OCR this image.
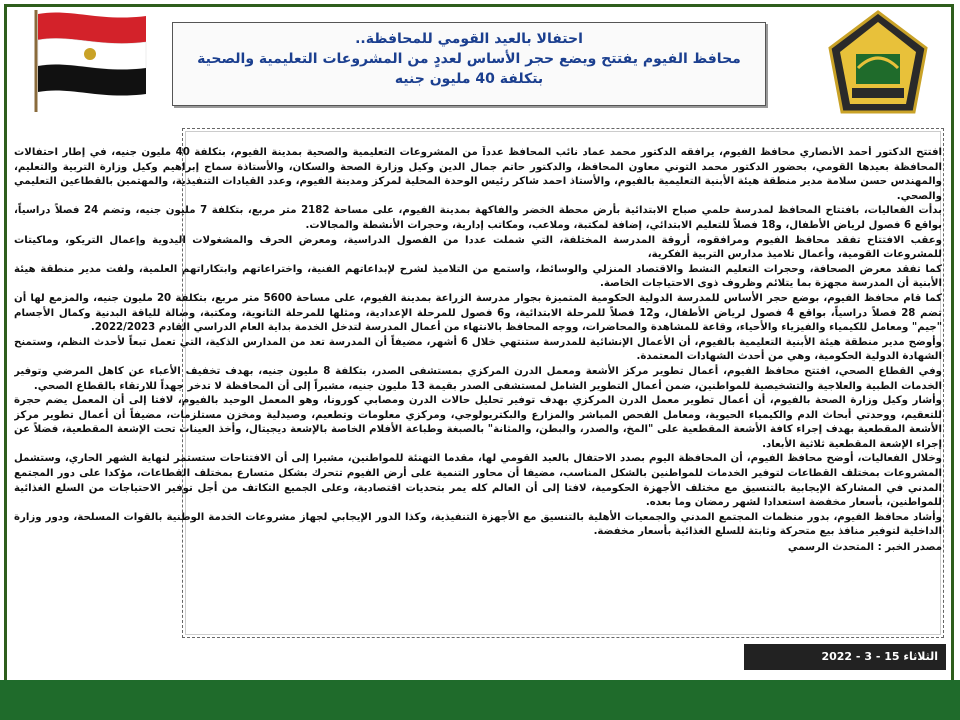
احتفالا بالعيد القومي للمحافظة..
محافظ الفيوم يفتتح ويضع حجر الأساس لعددٍ من المشروعات التعليمية والصحية بتكلفة 40 مليون جنيه

افتتح الدكتور أحمد الأنصاري محافظ الفيوم، يرافقه الدكتور محمد عماد نائب المحافظ عدداً من المشروعات التعليمية والصحية بمدينة الفيوم، بتكلفة 40 مليون جنيه، في إطار احتفالات المحافظة بعيدها القومي، بحضور الدكتور محمد التوني معاون المحافظ، والدكتور حاتم جمال الدين وكيل وزارة الصحة والسكان، والأستاذة سماح إبراهيم وكيل وزارة التربية والتعليم، والمهندس حسن سلامة مدير منطقة هيئة الأبنية التعليمية بالفيوم، والأستاذ احمد شاكر رئيس الوحدة المحلية لمركز ومدينة الفيوم، وعدد القيادات التنفيذية، والمهتمين بالقطاعين التعليمي والصحي.

بدأت الفعاليات، بافتتاح المحافظ لمدرسة حلمي صباح الابتدائية بأرض محطة الخضر والفاكهة بمدينة الفيوم، على مساحة 2182 متر مربع، بتكلفة 7 مليون جنيه، وتضم 24 فصلاً دراسياً، بواقع 6 فصول لرياض الأطفال، و18 فصلاً للتعليم الابتدائي، إضافة لمكتبة، وملاعب، ومكاتب إدارية، وحجرات الأنشطة والمجالات.

وعقب الافتتاح تفقد محافظ الفيوم ومرافقوه، أروقة المدرسة المختلفة، التي شملت عددا من الفصول الدراسية، ومعرض الحرف والمشغولات اليدوية وإعمال التريكو، وماكيتات للمشروعات القومية، وأعمال تلاميذ مدارس التربية الفكرية،

كما تفقد معرض الصحافة، وحجرات التعليم النشط والاقتصاد المنزلي والوسائط، واستمع من التلاميذ لشرح لإبداعاتهم الفنية، واختراعاتهم وابتكاراتهم العلمية، ولفت مدير منطقة هيئة الأبنية أن المدرسة مجهزة بما يتلائم وظروف ذوى الاحتياجات الخاصة.

كما قام محافظ الفيوم، بوضع حجر الأساس للمدرسة الدولية الحكومية المتميزة بجوار مدرسة الزراعة بمدينة الفيوم، على مساحة 5600 متر مربع، بتكلفة 20 مليون جنيه، والمزمع لها أن تضم 28 فصلاً دراسياً، بواقع 4 فصول لرياض الأطفال، و12 فصلاً للمرحلة الابتدائية، و6 فصول للمرحلة الإعدادية، ومثلها للمرحلة الثانوية، ومكتبة، وصالة للياقة البدنية وكمال الأجسام "جيم" ومعامل للكيمياء والفيزياء والأحياء، وقاعة للمشاهدة والمحاضرات، ووجه المحافظ بالانتهاء من أعمال المدرسة لتدخل الخدمة بداية العام الدراسي القادم 2022/2023.

وأوضح مدير منطقة هيئة الأبنية التعليمية بالفيوم، أن الأعمال الإنشائية للمدرسة ستنتهي خلال 6 أشهر، مضيفاً أن المدرسة تعد من المدارس الذكية، التي تعمل تبعاً لأحدث النظم، وستمنح الشهادة الدولية الحكومية، وهي من أحدث الشهادات المعتمدة.

وفي القطاع الصحي، افتتح محافظ الفيوم، أعمال تطوير مركز الأشعة ومعمل الدرن المركزي بمستشفى الصدر، بتكلفة 8 مليون جنيه، بهدف تخفيف الأعباء عن كاهل المرضي وتوفير الخدمات الطبية والعلاجية والتشخيصية للمواطنين، ضمن أعمال التطوير الشامل لمستشفى الصدر بقيمة 13 مليون جنيه، مشيراً إلى أن المحافظة لا تدخر جهداً للارتقاء بالقطاع الصحي.

وأشار وكيل وزارة الصحة بالفيوم، أن أعمال تطوير معمل الدرن المركزي بهدف توفير تحليل حالات الدرن ومصابي كورونا، وهو المعمل الوحيد بالفيوم، لافتا إلى أن المعمل يضم حجرة للتعقيم، ووحدتي أبحاث الدم والكيمياء الحيوية، ومعامل الفحص المباشر والمزارع والبكتريولوجي، ومركزي معلومات وتطعيم، وصيدلية ومخزن مستلزمات، مضيفاً أن أعمال تطوير مركز الأشعة المقطعية بهدف إجراء كافة الأشعة المقطعية على "المخ، والصدر، والبطن، والمثانة" بالصبغة وطباعة الأفلام الخاصة بالإشعة ديجيتال، وأخذ العينات تحت الإشعة المقطعية، فضلاً عن إجراء الإشعة المقطعية ثلاثية الأبعاد.

وخلال الفعاليات، أوضح محافظ الفيوم، أن المحافظة اليوم بصدد الاحتفال بالعيد القومي لها، مقدما التهنئة للمواطنين، مشيرا إلى أن الافتتاحات ستستمر لنهاية الشهر الحاري، وستشمل المشروعات بمختلف القطاعات لتوفير الخدمات للمواطنين بالشكل المناسب، مضيفا أن محاور التنمية على أرض الفيوم تتحرك بشكل متسارع بمختلف القطاعات، مؤكدا على دور المجتمع المدني في المشاركة الإيجابية بالتنسيق مع مختلف الأجهزة الحكومية، لافتا إلى أن العالم كله يمر بتحديات اقتصادية، وعلى الجميع التكاتف من أجل توفير الاحتياجات من السلع الغذائية للمواطنين، بأسعار مخفضة استعدادا لشهر رمضان وما بعده.

وأشاد محافظ الفيوم، بدور منظمات المجتمع المدني والجمعيات الأهلية بالتنسيق مع الأجهزة التنفيذية، وكذا الدور الإيجابي لجهاز مشروعات الخدمة الوطنية بالقوات المسلحة، ودور وزارة الداخلية لتوفير منافذ بيع متحركة وثابتة للسلع الغذائية بأسعار مخفضة.

مصدر الخبر : المتحدث الرسمي

الثلاثاء 15 - 3 - 2022
